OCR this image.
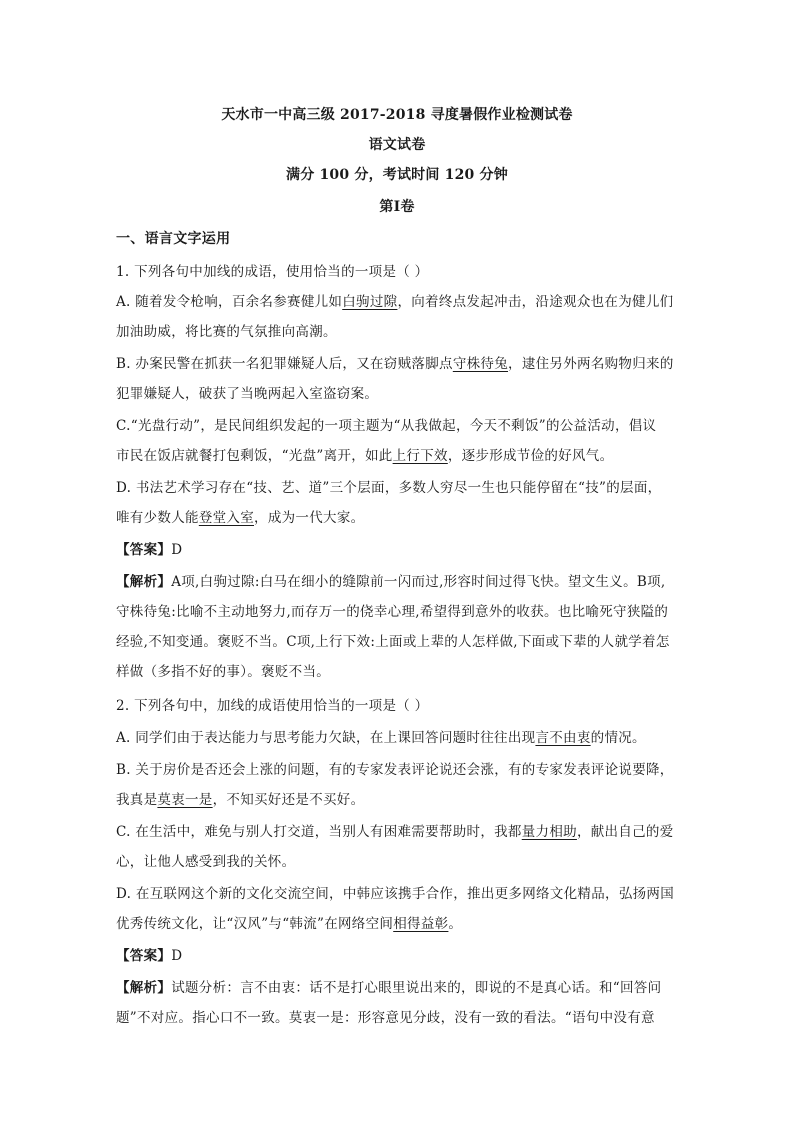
天水市一中高三级 2017-2018 寻度暑假作业检测试卷
语文试卷
满分 100 分，考试时间 120 分钟
第Ⅰ卷
一、语言文字运用
1. 下列各句中加线的成语，使用恰当的一项是（ ）
A. 随着发令枪响，百余名参赛健儿如白驹过隙，向着终点发起冲击，沿途观众也在为健儿们
加油助威，将比赛的气氛推向高潮。
B. 办案民警在抓获一名犯罪嫌疑人后，又在窃贼落脚点守株待兔，逮住另外两名购物归来的
犯罪嫌疑人，破获了当晚两起入室盗窃案。
C.“光盘行动”，是民间组织发起的一项主题为“从我做起，今天不剩饭”的公益活动，倡议
市民在饭店就餐打包剩饭，“光盘”离开，如此上行下效，逐步形成节俭的好风气。
D. 书法艺术学习存在“技、艺、道”三个层面，多数人穷尽一生也只能停留在“技”的层面，
唯有少数人能登堂入室，成为一代大家。
【答案】D
【解析】A项,白驹过隙:白马在细小的缝隙前一闪而过,形容时间过得飞快。望文生义。B项,
守株待兔:比喻不主动地努力,而存万一的侥幸心理,希望得到意外的收获。也比喻死守狭隘的
经验,不知变通。褒贬不当。C项,上行下效:上面或上辈的人怎样做,下面或下辈的人就学着怎
样做（多指不好的事）。褒贬不当。
2. 下列各句中，加线的成语使用恰当的一项是（ ）
A. 同学们由于表达能力与思考能力欠缺，在上课回答问题时往往出现言不由衷的情况。
B. 关于房价是否还会上涨的问题，有的专家发表评论说还会涨，有的专家发表评论说要降，
我真是莫衷一是，不知买好还是不买好。
C. 在生活中，难免与别人打交道，当别人有困难需要帮助时，我都量力相助，献出自己的爱
心，让他人感受到我的关怀。
D. 在互联网这个新的文化交流空间，中韩应该携手合作，推出更多网络文化精品，弘扬两国
优秀传统文化，让“汉风”与“韩流”在网络空间相得益彰。
【答案】D
【解析】试题分析：言不由衷：话不是打心眼里说出来的，即说的不是真心话。和“回答问
题”不对应。指心口不一致。莫衷一是：形容意见分歧，没有一致的看法。“语句中没有意
